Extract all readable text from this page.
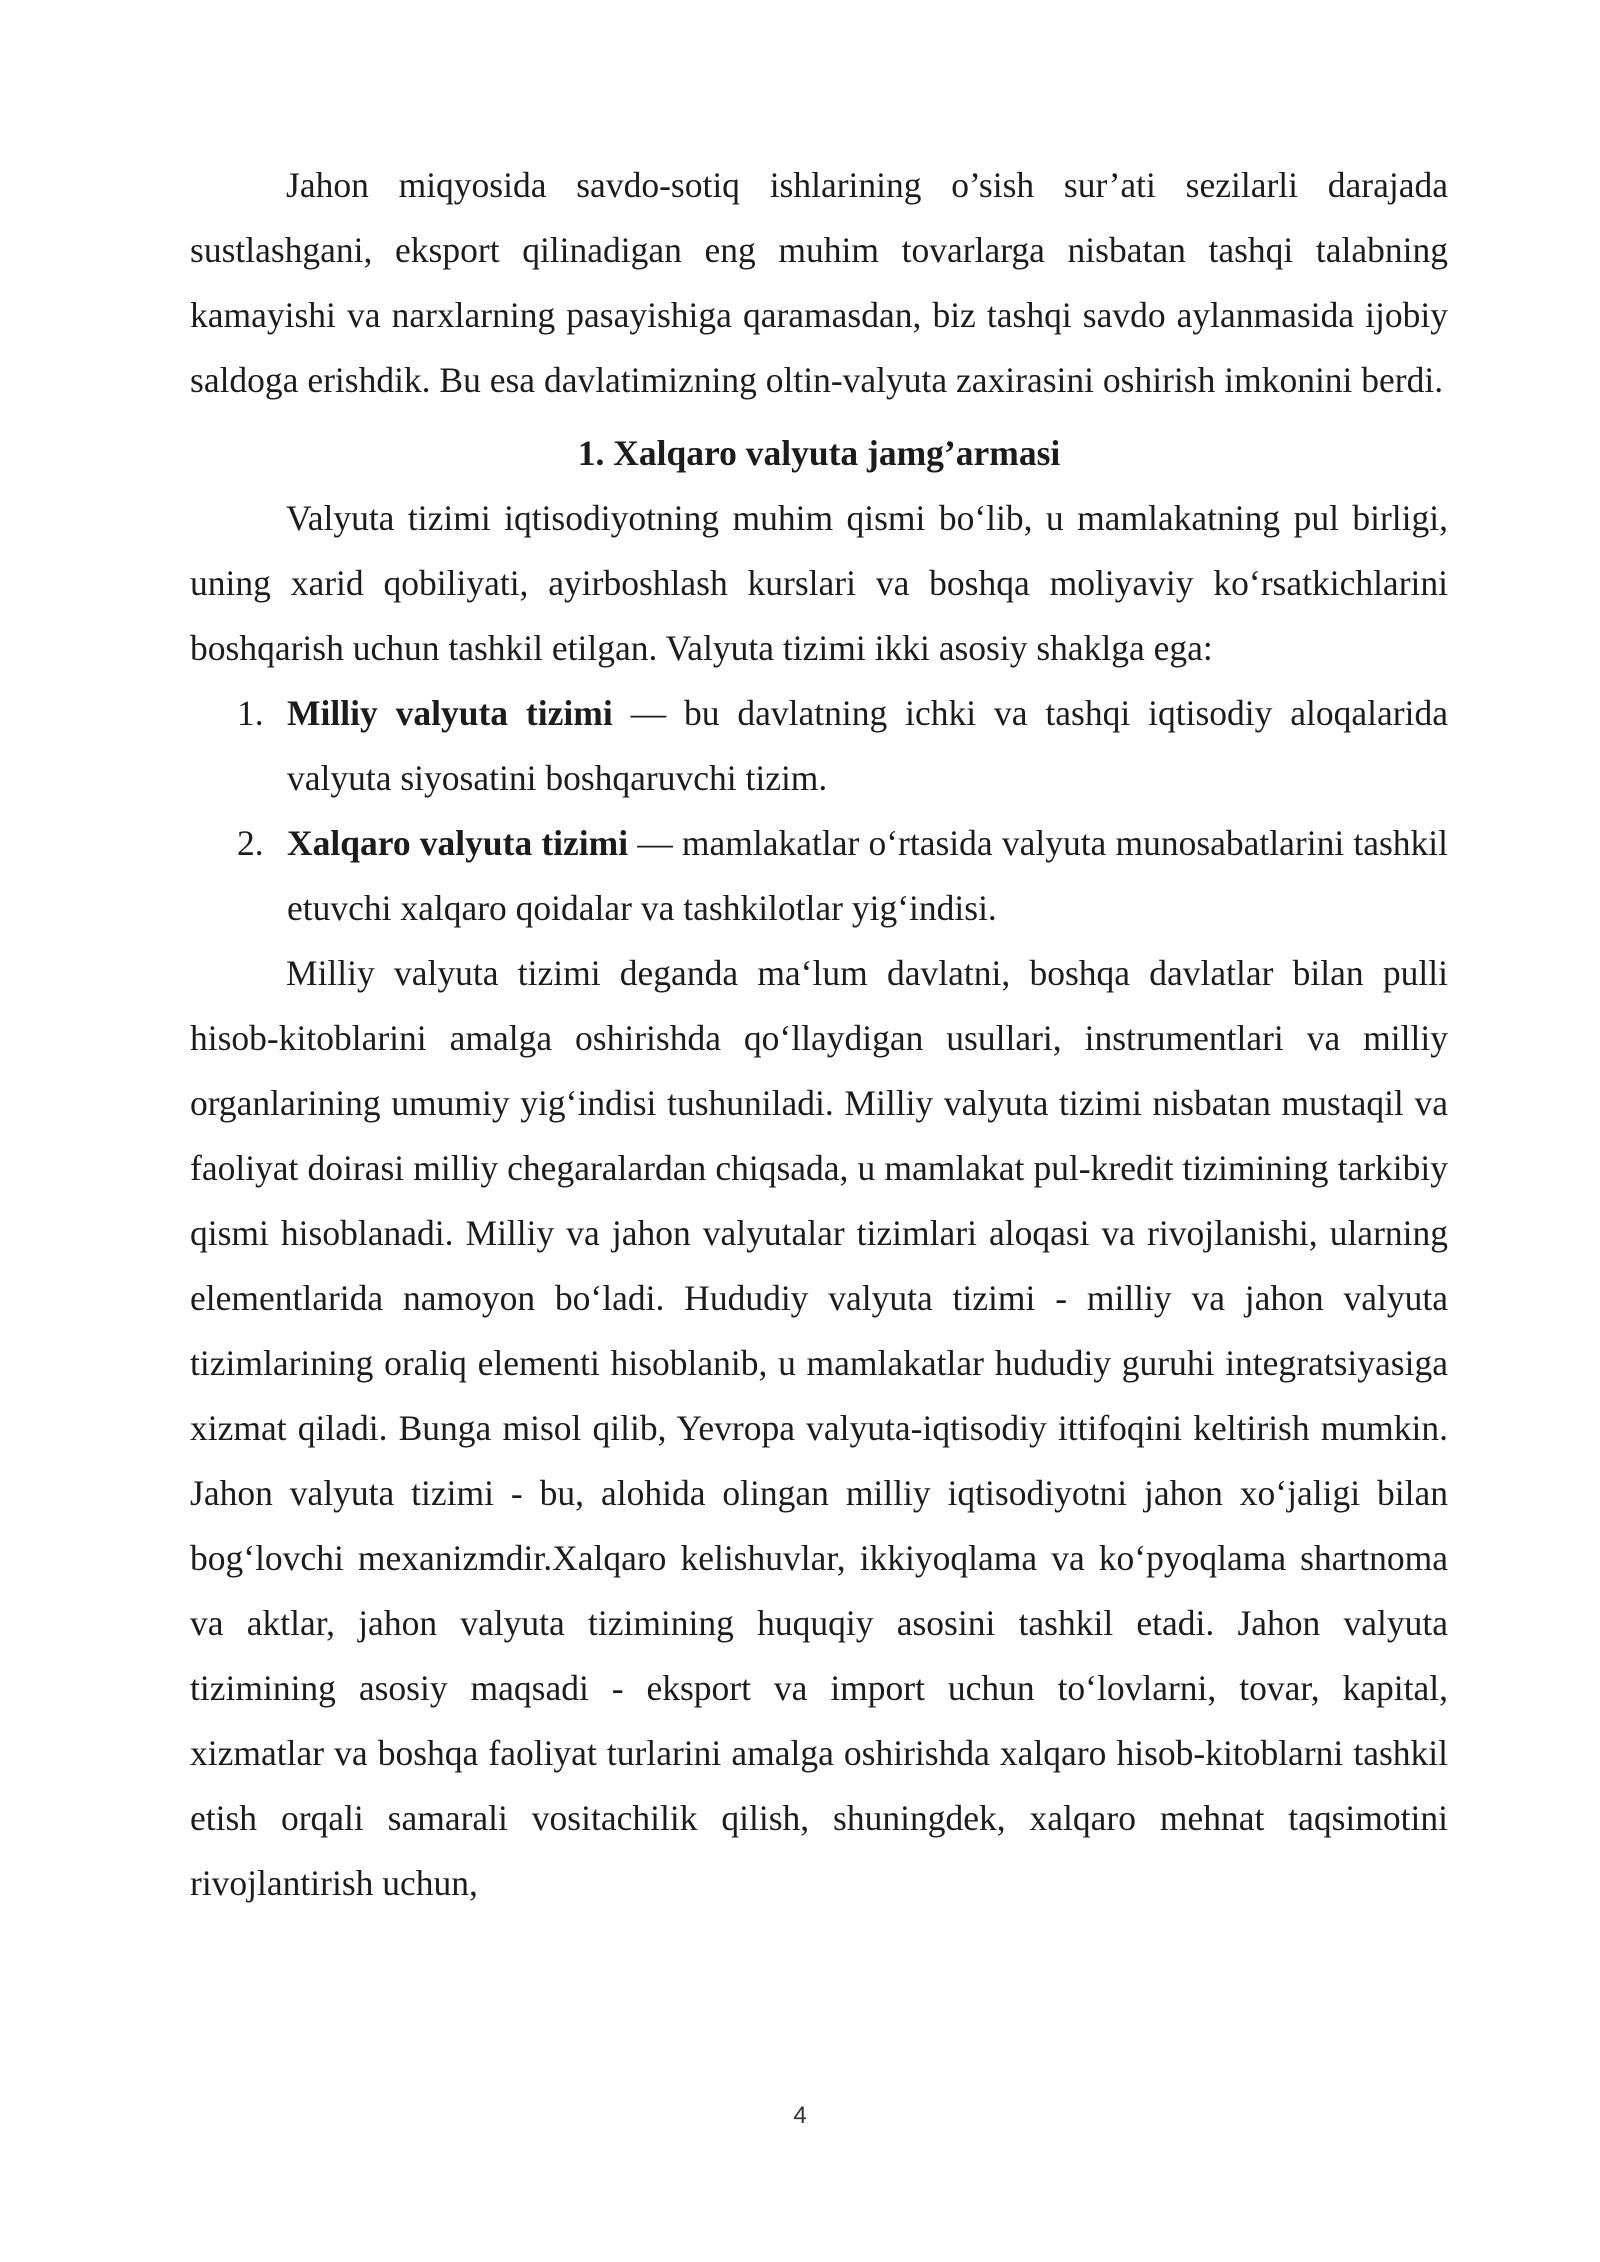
Jahon miqyosida savdo-sotiq ishlarining o’sish sur’ati sezilarli darajada sustlashgani, eksport qilinadigan eng muhim tovarlarga nisbatan tashqi talabning kamayishi va narxlarning pasayishiga qaramasdan, biz tashqi savdo aylanmasida ijobiy saldoga erishdik. Bu esa davlatimizning oltin-valyuta zaxirasini oshirish imkonini berdi.

1. Xalqaro valyuta jamg’armasi

Valyuta tizimi iqtisodiyotning muhim qismi bo‘lib, u mamlakatning pul birligi, uning xarid qobiliyati, ayirboshlash kurslari va boshqa moliyaviy ko‘rsatkichlarini boshqarish uchun tashkil etilgan. Valyuta tizimi ikki asosiy shaklga ega:

1. Milliy valyuta tizimi — bu davlatning ichki va tashqi iqtisodiy aloqalarida valyuta siyosatini boshqaruvchi tizim.
2. Xalqaro valyuta tizimi — mamlakatlar o‘rtasida valyuta munosabatlarini tashkil etuvchi xalqaro qoidalar va tashkilotlar yig‘indisi.

Milliy valyuta tizimi deganda ma‘lum davlatni, boshqa davlatlar bilan pulli hisob-kitoblarini amalga oshirishda qo‘llaydigan usullari, instrumentlari va milliy organlarining umumiy yig‘indisi tushuniladi. Milliy valyuta tizimi nisbatan mustaqil va faoliyat doirasi milliy chegaralardan chiqsada, u mamlakat pul-kredit tizimining tarkibiy qismi hisoblanadi. Milliy va jahon valyutalar tizimlari aloqasi va rivojlanishi, ularning elementlarida namoyon bo‘ladi. Hududiy valyuta tizimi - milliy va jahon valyuta tizimlarining oraliq elementi hisoblanib, u mamlakatlar hududiy guruhi integratsiyasiga xizmat qiladi. Bunga misol qilib, Yevropa valyuta-iqtisodiy ittifoqini keltirish mumkin. Jahon valyuta tizimi - bu, alohida olingan milliy iqtisodiyotni jahon xo‘jaligi bilan bog‘lovchi mexanizmdir.Xalqaro kelishuvlar, ikkiyoqlama va ko‘pyoqlama shartnoma va aktlar, jahon valyuta tizimining huquqiy asosini tashkil etadi. Jahon valyuta tizimining asosiy maqsadi - eksport va import uchun to‘lovlarni, tovar, kapital, xizmatlar va boshqa faoliyat turlarini amalga oshirishda xalqaro hisob-kitoblarni tashkil etish orqali samarali vositachilik qilish, shuningdek, xalqaro mehnat taqsimotini rivojlantirish uchun,

4
